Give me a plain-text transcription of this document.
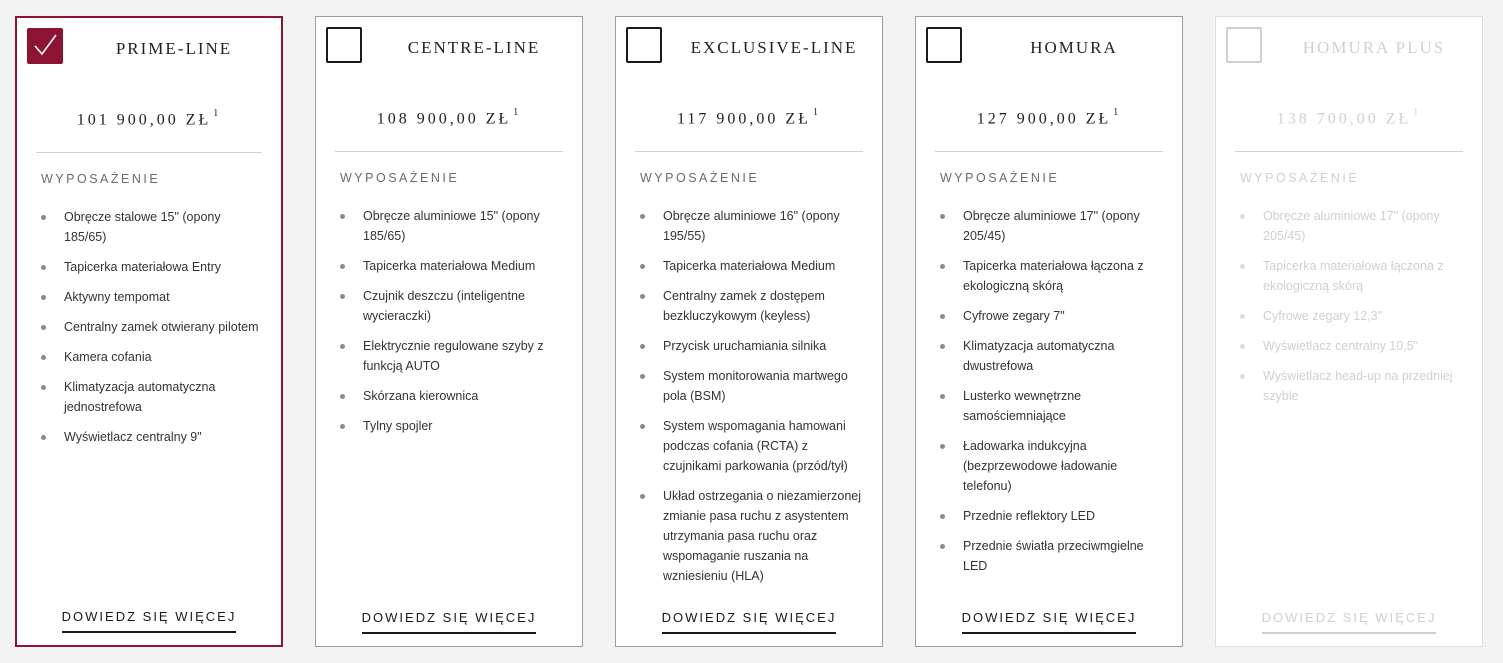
PRIME-LINE
101 900,00 ZŁ $^1$
WYPOSAŻENIE
Obręcze stalowe 15" (opony 185/65)
Tapicerka materiałowa Entry
Aktywny tempomat
Centralny zamek otwierany pilotem
Kamera cofania
Klimatyzacja automatyczna jednostrefowa
Wyświetlacz centralny 9"
DOWIEDZ SIĘ WIĘCEJ
CENTRE-LINE
108 900,00 ZŁ $^1$
WYPOSAŻENIE
Obręcze aluminiowe 15" (opony 185/65)
Tapicerka materiałowa Medium
Czujnik deszczu (inteligentne wycieraczki)
Elektrycznie regulowane szyby z funkcją AUTO
Skórzana kierownica
Tylny spojler
DOWIEDZ SIĘ WIĘCEJ
EXCLUSIVE-LINE
117 900,00 ZŁ $^1$
WYPOSAŻENIE
Obręcze aluminiowe 16" (opony 195/55)
Tapicerka materiałowa Medium
Centralny zamek z dostępem bezkluczykowym (keyless)
Przycisk uruchamiania silnika
System monitorowania martwego pola (BSM)
System wspomagania hamowani podczas cofania (RCTA) z czujnikami parkowania (przód/tył)
Układ ostrzegania o niezamierzonej zmianie pasa ruchu z asystentem utrzymania pasa ruchu oraz wspomaganie ruszania na wzniesieniu (HLA)
DOWIEDZ SIĘ WIĘCEJ
HOMURA
127 900,00 ZŁ $^1$
WYPOSAŻENIE
Obręcze aluminiowe 17" (opony 205/45)
Tapicerka materiałowa łączona z ekologiczną skórą
Cyfrowe zegary 7"
Klimatyzacja automatyczna dwustrefowa
Lusterko wewnętrzne samościemniające
Ładowarka indukcyjna (bezprzewodowe ładowanie telefonu)
Przednie reflektory LED
Przednie światła przeciwmgielne LED
DOWIEDZ SIĘ WIĘCEJ
HOMURA PLUS
138 700,00 ZŁ $^1$
WYPOSAŻENIE
Obręcze aluminiowe 17" (opony 205/45)
Tapicerka materiałowa łączona z ekologiczną skórą
Cyfrowe zegary 12,3"
Wyświetlacz centralny 10,5"
Wyświetlacz head-up na przedniej szybie
DOWIEDZ SIĘ WIĘCEJ
